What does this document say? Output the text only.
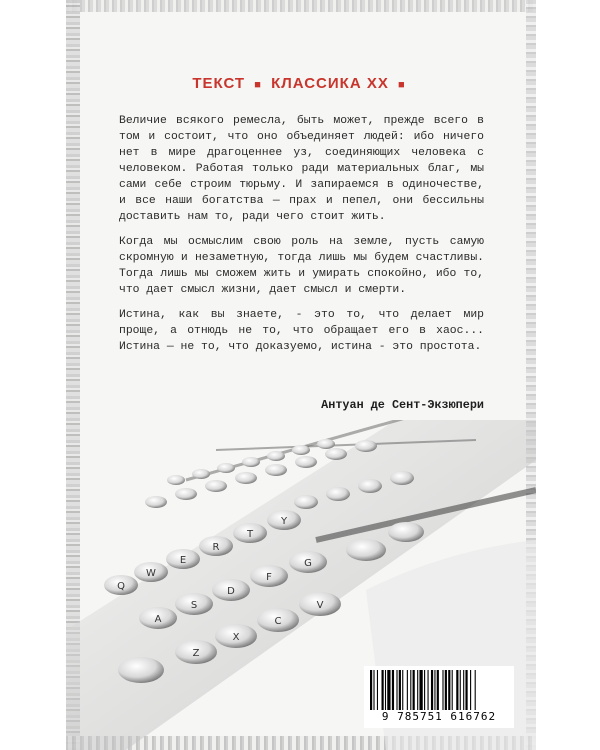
ТЕКСТ ■ КЛАССИКА XX ■

Величие всякого ремесла, быть может, прежде всего в том и состоит, что оно объединяет людей: ибо ничего нет в мире драгоценнее уз, соединяющих человека с человеком. Работая только ради материальных благ, мы сами себе строим тюрьму. И запираемся в одиночестве, и все наши богатства — прах и пепел, они бессильны доставить нам то, ради чего стоит жить.

Когда мы осмыслим свою роль на земле, пусть самую скромную и незаметную, тогда лишь мы будем счастливы. Тогда лишь мы сможем жить и умирать спокойно, ибо то, что дает смысл жизни, дает смысл и смерти.

Истина, как вы знаете, - это то, что делает мир проще, а отнюдь не то, что обращает его в хаос... Истина — не то, что доказуемо, истина - это простота.

Антуан де Сент-Экзюпери
Q
W
E
R
T
Y
A
S
D
F
G
Z
X
C
V
9 785751 616762
